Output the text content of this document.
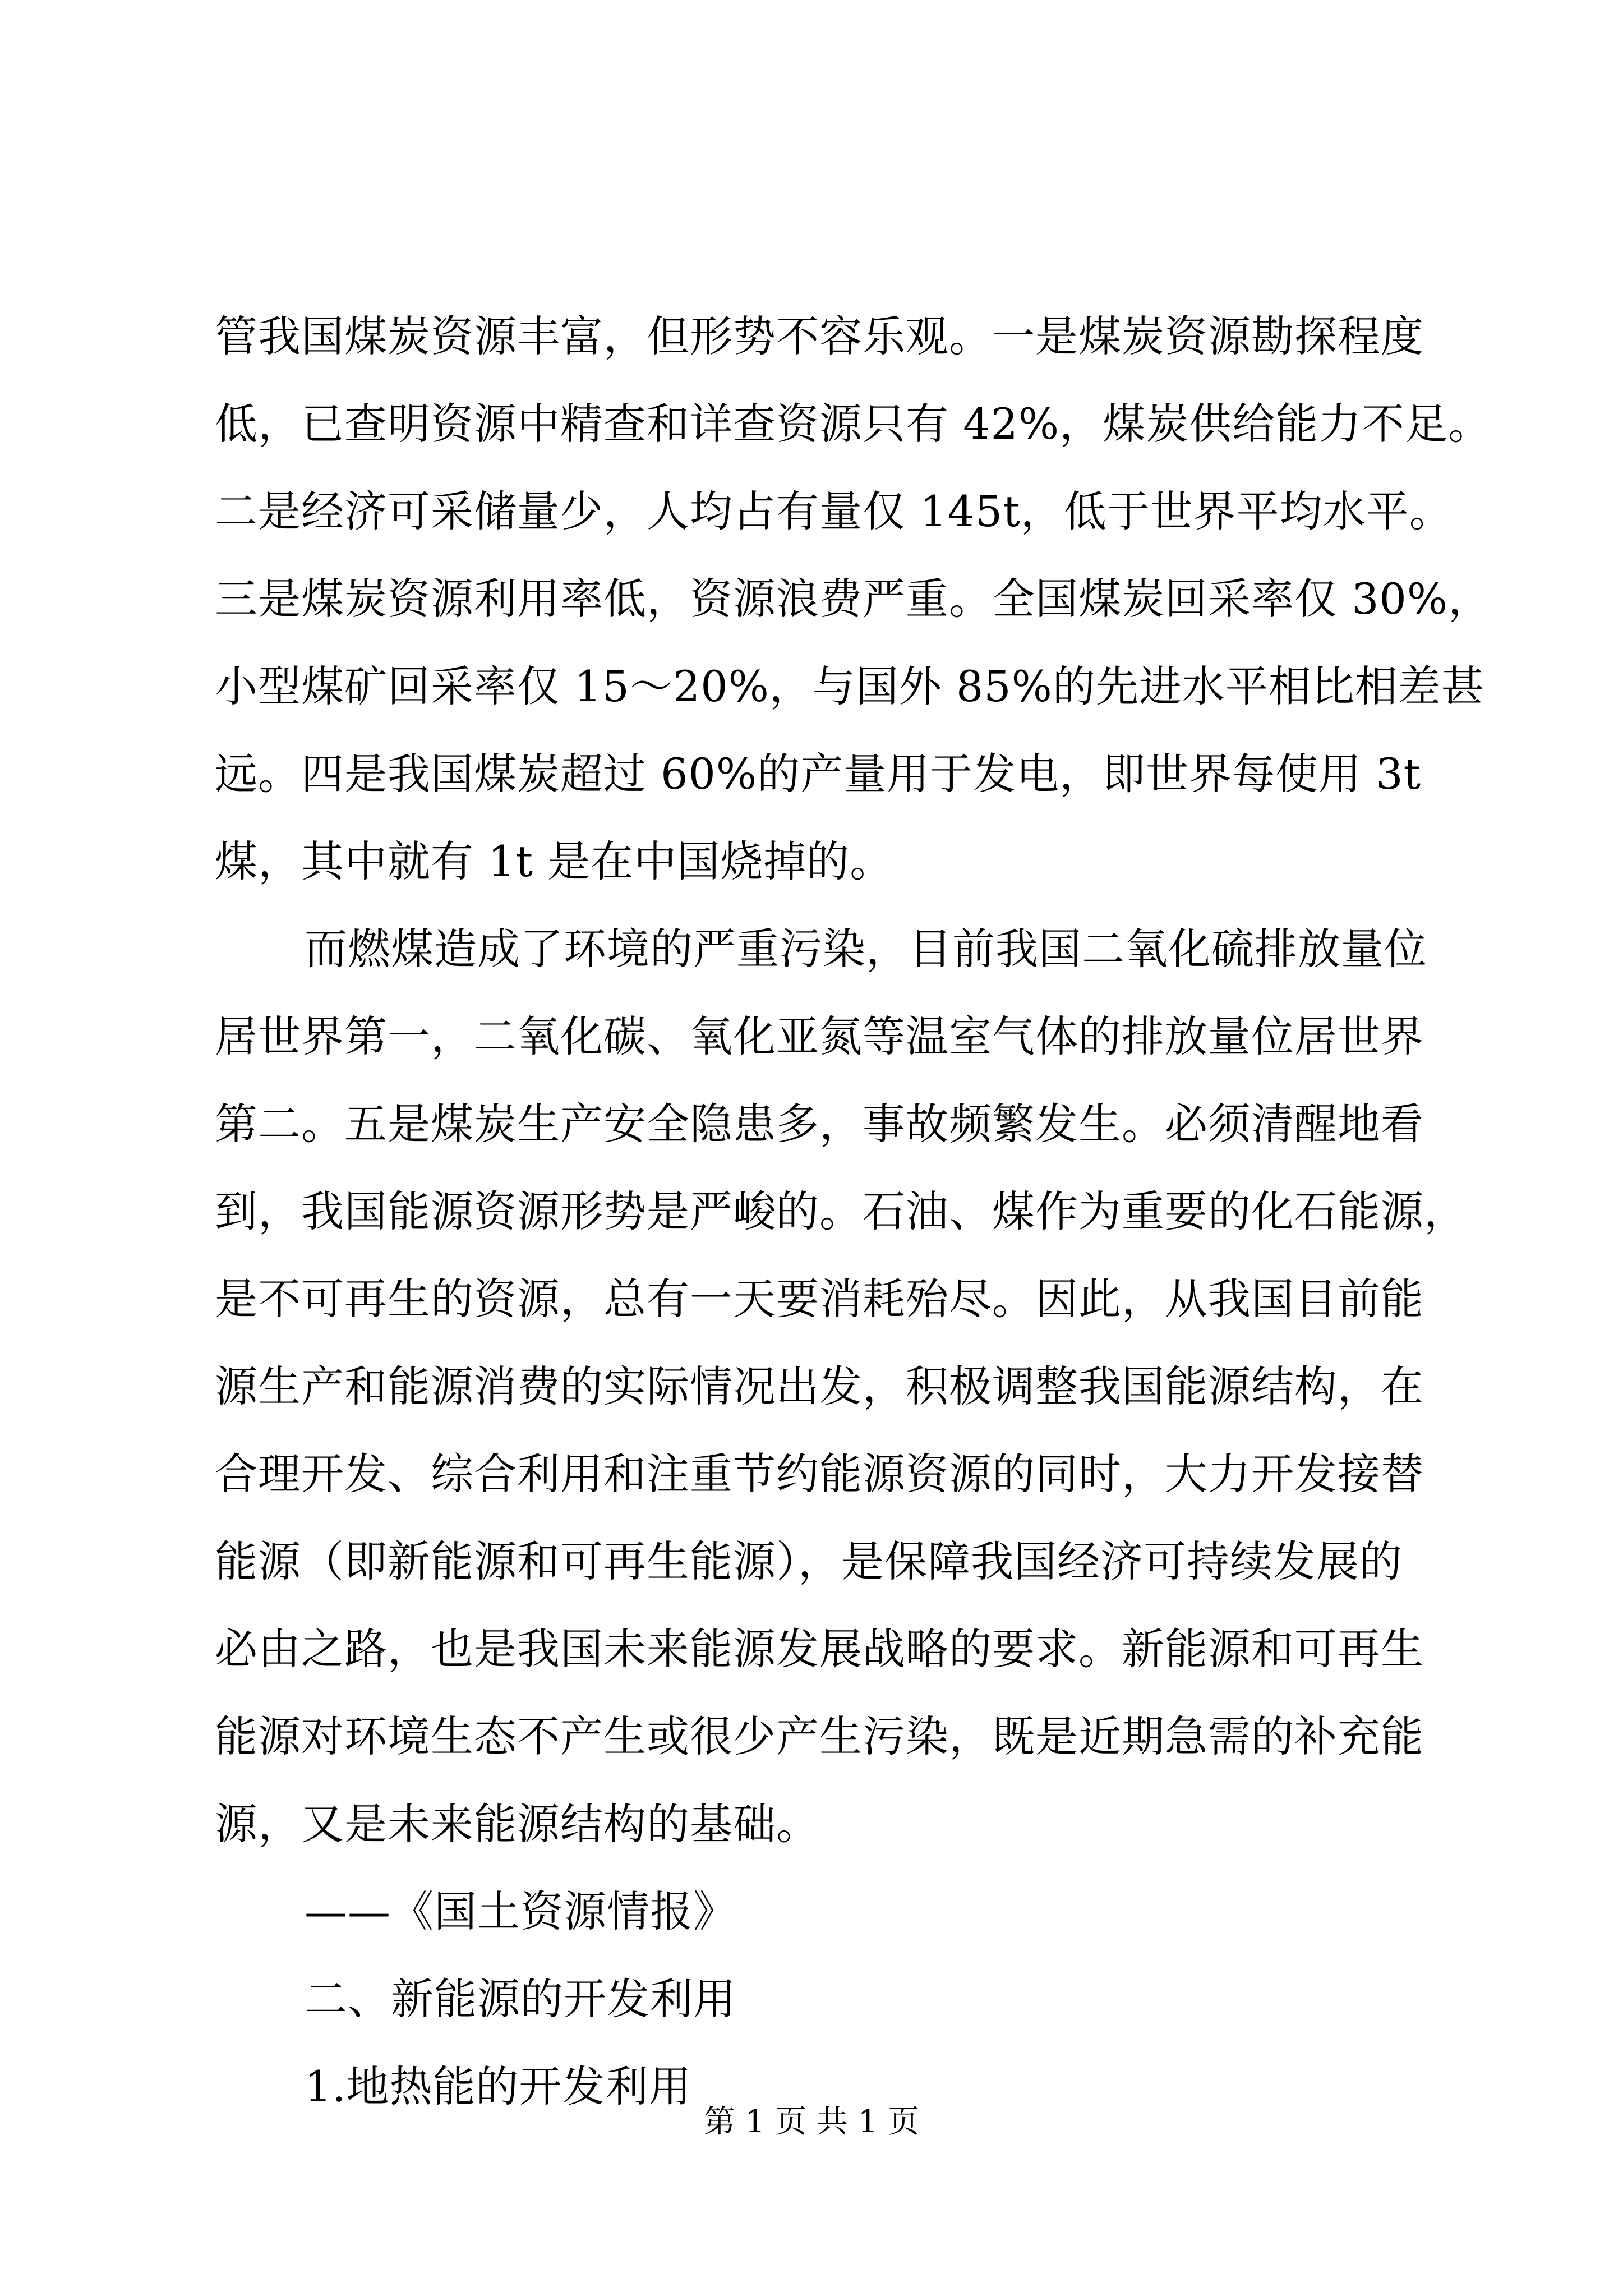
管我国煤炭资源丰富，但形势不容乐观。一是煤炭资源勘探程度
低，已查明资源中精查和详查资源只有 42%，煤炭供给能力不足。
二是经济可采储量少，人均占有量仅 145t，低于世界平均水平。
三是煤炭资源利用率低，资源浪费严重。全国煤炭回采率仅 30%，
小型煤矿回采率仅 15～20%，与国外 85%的先进水平相比相差甚
远。四是我国煤炭超过 60%的产量用于发电，即世界每使用 3t
煤，其中就有 1t 是在中国烧掉的。
而燃煤造成了环境的严重污染，目前我国二氧化硫排放量位
居世界第一，二氧化碳、氧化亚氮等温室气体的排放量位居世界
第二。五是煤炭生产安全隐患多，事故频繁发生。必须清醒地看
到，我国能源资源形势是严峻的。石油、煤作为重要的化石能源，
是不可再生的资源，总有一天要消耗殆尽。因此，从我国目前能
源生产和能源消费的实际情况出发，积极调整我国能源结构，在
合理开发、综合利用和注重节约能源资源的同时，大力开发接替
能源（即新能源和可再生能源），是保障我国经济可持续发展的
必由之路，也是我国未来能源发展战略的要求。新能源和可再生
能源对环境生态不产生或很少产生污染，既是近期急需的补充能
源，又是未来能源结构的基础。
——《国土资源情报》
二、新能源的开发利用
1.地热能的开发利用
第 1 页 共 1 页
